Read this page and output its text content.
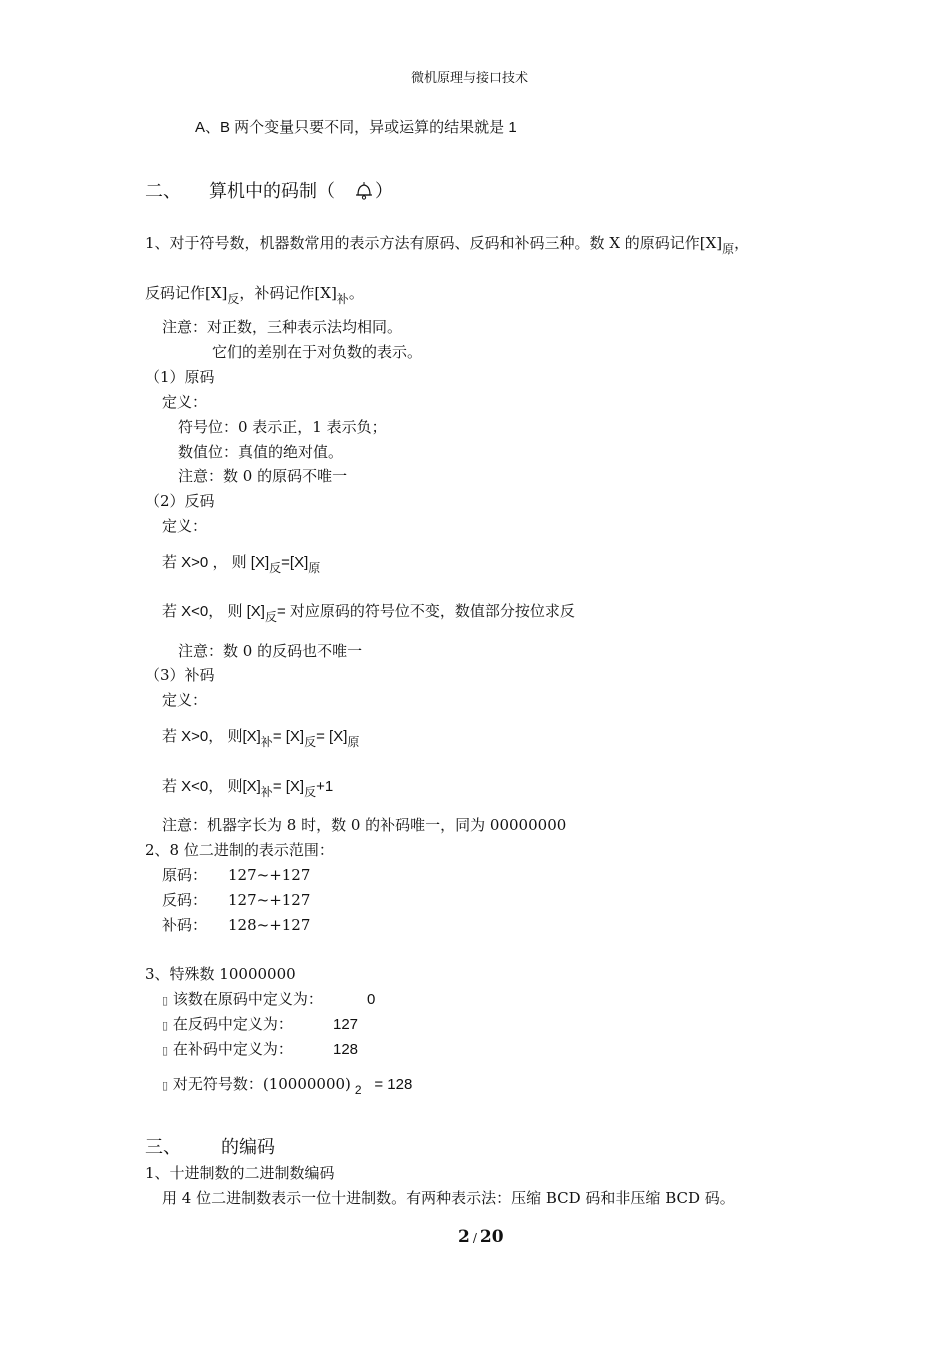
微机原理与接口技术
A、B 两个变量只要不同，异或运算的结果就是 1
二、 算机中的码制（ ）
1、对于符号数，机器数常用的表示方法有原码、反码和补码三种。数 X 的原码记作$[X]_原$，
反码记作$[X]_反$，补码记作$[X]_补$。
注意：对正数，三种表示法均相同。
它们的差别在于对负数的表示。
（1）原码
定义：
符号位：0 表示正，1 表示负；
数值位：真值的绝对值。
注意：数 0 的原码不唯一
（2）反码
定义：
若 X>0 ， 则 $[X]_反=[X]_原$
若 X<0， 则 $[X]_反=$ 对应原码的符号位不变，数值部分按位求反
注意：数 0 的反码也不唯一
（3）补码
定义：
若 X>0， 则$[X]_补= [X]_反= [X]_原$
若 X<0， 则$[X]_补= [X]_反+1$
注意：机器字长为 8 时，数 0 的补码唯一，同为 00000000
2、8 位二进制的表示范围：
原码： 127~+127
反码： 127~+127
补码： 128~+127
3、特殊数 10000000
▯ 该数在原码中定义为：	0
▯ 在反码中定义为：	127
▯ 在补码中定义为：	128
▯ 对无符号数：(10000000) $_2$ = 128
三、 的编码
1、十进制数的二进制数编码
用 4 位二进制数表示一位十进制数。有两种表示法：压缩 BCD 码和非压缩 BCD 码。
2 / 20
